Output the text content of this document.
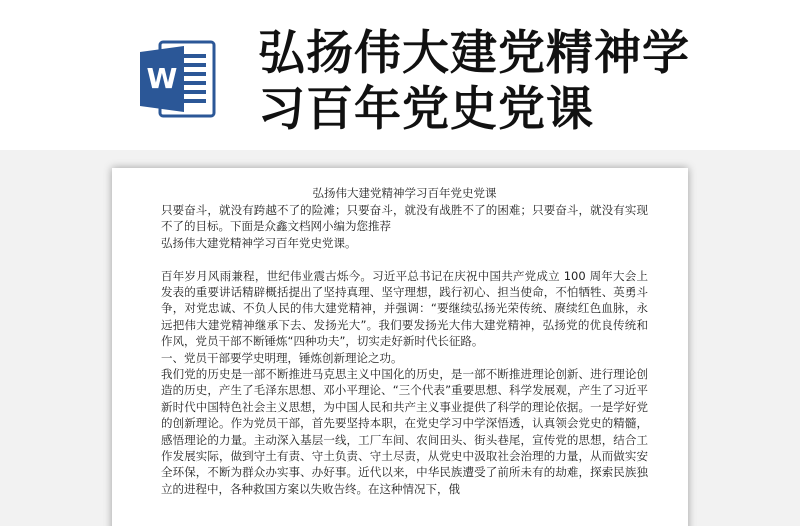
W 弘扬伟大建党精神学
习百年党史党课
弘扬伟大建党精神学习百年党史党课
只要奋斗，就没有跨越不了的险滩；只要奋斗，就没有战胜不了的困难；只要奋斗，就没有实现不了的目标。下面是众鑫文档网小编为您推荐
弘扬伟大建党精神学习百年党史党课。
百年岁月风雨兼程，世纪伟业震古烁今。习近平总书记在庆祝中国共产党成立 100 周年大会上发表的重要讲话精辟概括提出了坚持真理、坚守理想，践行初心、担当使命，不怕牺牲、英勇斗争，对党忠诚、不负人民的伟大建党精神，并强调：“要继续弘扬光荣传统、赓续红色血脉，永远把伟大建党精神继承下去、发扬光大”。我们要发扬光大伟大建党精神，弘扬党的优良传统和作风，党员干部不断锤炼“四种功夫”，切实走好新时代长征路。
一、党员干部要学史明理，锤炼创新理论之功。
我们党的历史是一部不断推进马克思主义中国化的历史，是一部不断推进理论创新、进行理论创造的历史，产生了毛泽东思想、邓小平理论、“三个代表”重要思想、科学发展观，产生了习近平新时代中国特色社会主义思想，为中国人民和共产主义事业提供了科学的理论依据。一是学好党的创新理论。作为党员干部，首先要坚持本职，在党史学习中学深悟透，认真领会党史的精髓，感悟理论的力量。主动深入基层一线，工厂车间、农间田头、街头巷尾，宣传党的思想，结合工作发展实际，做到守土有责、守土负责、守土尽责，从党史中汲取社会治理的力量，从而做实安全环保，不断为群众办实事、办好事。近代以来，中华民族遭受了前所未有的劫难，探索民族独立的进程中，各种救国方案以失败告终。在这种情况下，俄
